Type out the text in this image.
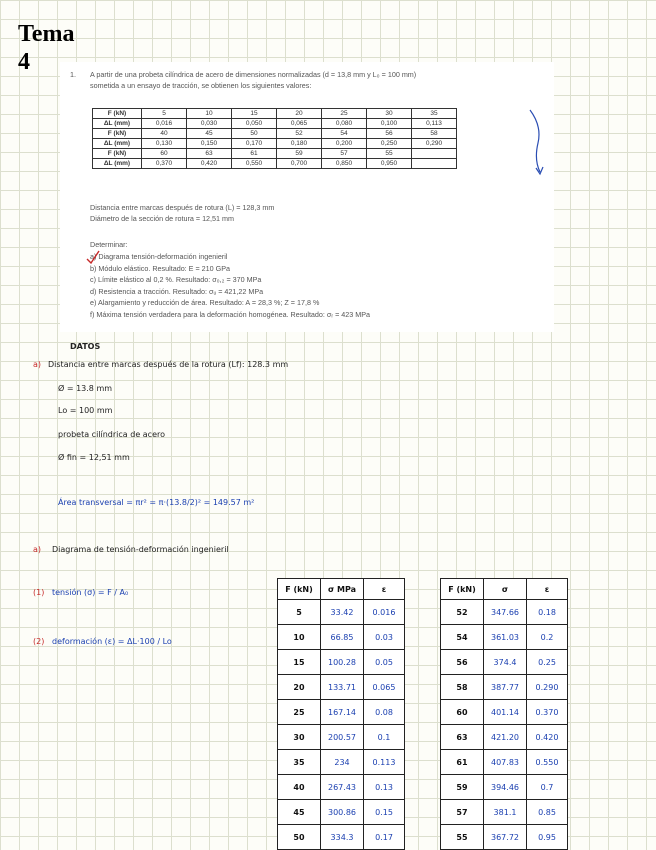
Tema
4	1. A partir de una probeta cilíndrica de acero de dimensiones normalizadas (d = 13,8 mm y L₀ = 100 mm)
sometida a un ensayo de tracción, se obtienen los siguientes valores:
F (kN)	5	10	15	20	25	30	35
ΔL (mm)	0,016	0,030	0,050	0,065	0,080	0,100	0,113
F (kN)	40	45	50	52	54	56	58
ΔL (mm)	0,130	0,150	0,170	0,180	0,200	0,250	0,290
F (kN)	60	63	61	59	57	55	
ΔL (mm)	0,370	0,420	0,550	0,700	0,850	0,950	
Distancia entre marcas después de rotura (L) = 128,3 mm
Diámetro de la sección de rotura = 12,51 mm
Determinar:
a) Diagrama tensión-deformación ingenieril
b) Módulo elástico. Resultado: E = 210 GPa
c) Límite elástico al 0,2 %. Resultado: σ₀,₂ = 370 MPa
d) Resistencia a tracción. Resultado: σᵤ = 421,22 MPa
e) Alargamiento y reducción de área. Resultado: A = 28,3 %; Z = 17,8 %
f) Máxima tensión verdadera para la deformación homogénea. Resultado: σᵣ = 423 MPa
DATOS
a) Distancia entre marcas después de la rotura (Lf): 128.3 mm
Ø = 13.8 mm
Lo = 100 mm
probeta cilíndrica de acero
Ø fin = 12,51 mm
Área transversal = πr² = π·(13.8/2)² = 149.57 m²
a) Diagrama de tensión-deformación ingenieril
(1) tensión (σ) = F / A₀
(2) deformación (ε) = ΔL·100 / Lo
F (kN)	σ MPa	ε
5	33.42	0.016
10	66.85	0.03
15	100.28	0.05
20	133.71	0.065
25	167.14	0.08
30	200.57	0.1
35	234	0.113
40	267.43	0.13
45	300.86	0.15
50	334.3	0.17
F (kN)	σ	ε
52	347.66	0.18
54	361.03	0.2
56	374.4	0.25
58	387.77	0.290
60	401.14	0.370
63	421.20	0.420
61	407.83	0.550
59	394.46	0.7
57	381.1	0.85
55	367.72	0.95
